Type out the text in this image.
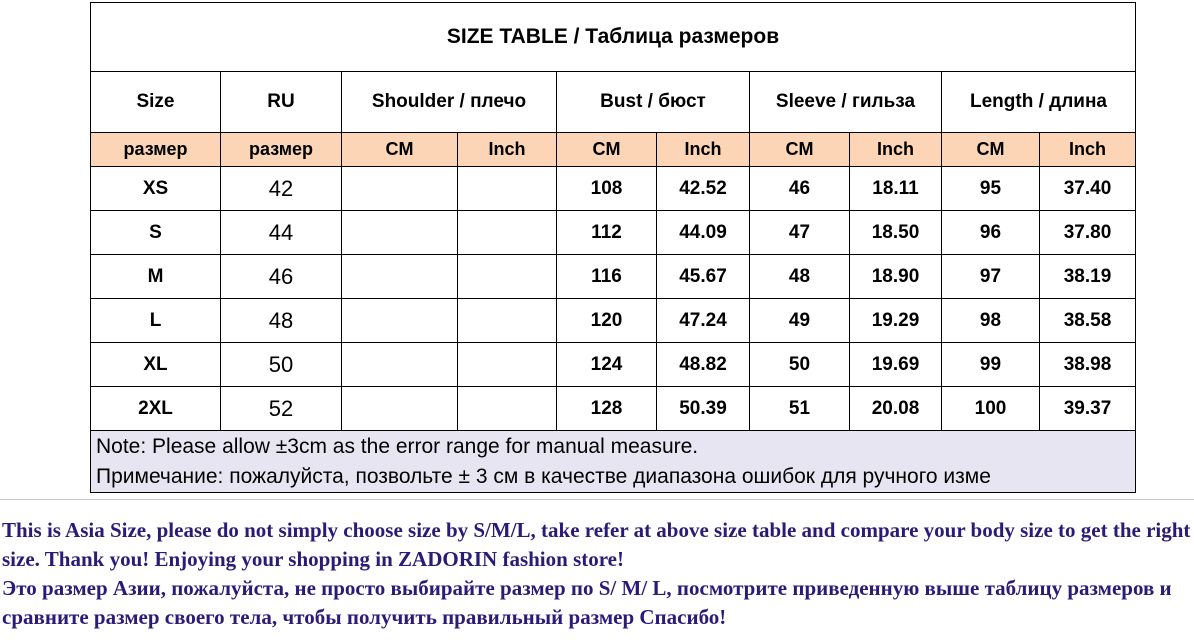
SIZE TABLE / Таблица размеров									
Size	RU	Shoulder / плечо		Bust / бюст		Sleeve / гильза		Length / длина	
размер	размер	CM	Inch	CM	Inch	CM	Inch	CM	Inch
XS	42			108	42.52	46	18.11	95	37.40
S	44			112	44.09	47	18.50	96	37.80
M	46			116	45.67	48	18.90	97	38.19
L	48			120	47.24	49	19.29	98	38.58
XL	50			124	48.82	50	19.69	99	38.98
2XL	52			128	50.39	51	20.08	100	39.37

Note: Please allow ±3cm as the error range for manual measure.
Примечание: пожалуйста, позвольте ± 3 см в качестве диапазона ошибок для ручного изме									

This is Asia Size, please do not simply choose size by S/M/L, take refer at above size table and compare your body size to get the right size. Thank you! Enjoying your shopping in ZADORIN fashion store!

Это размер Азии, пожалуйста, не просто выбирайте размер по S/ M/ L, посмотрите приведенную выше таблицу размеров и сравните размер своего тела, чтобы получить правильный размер Спасибо!
